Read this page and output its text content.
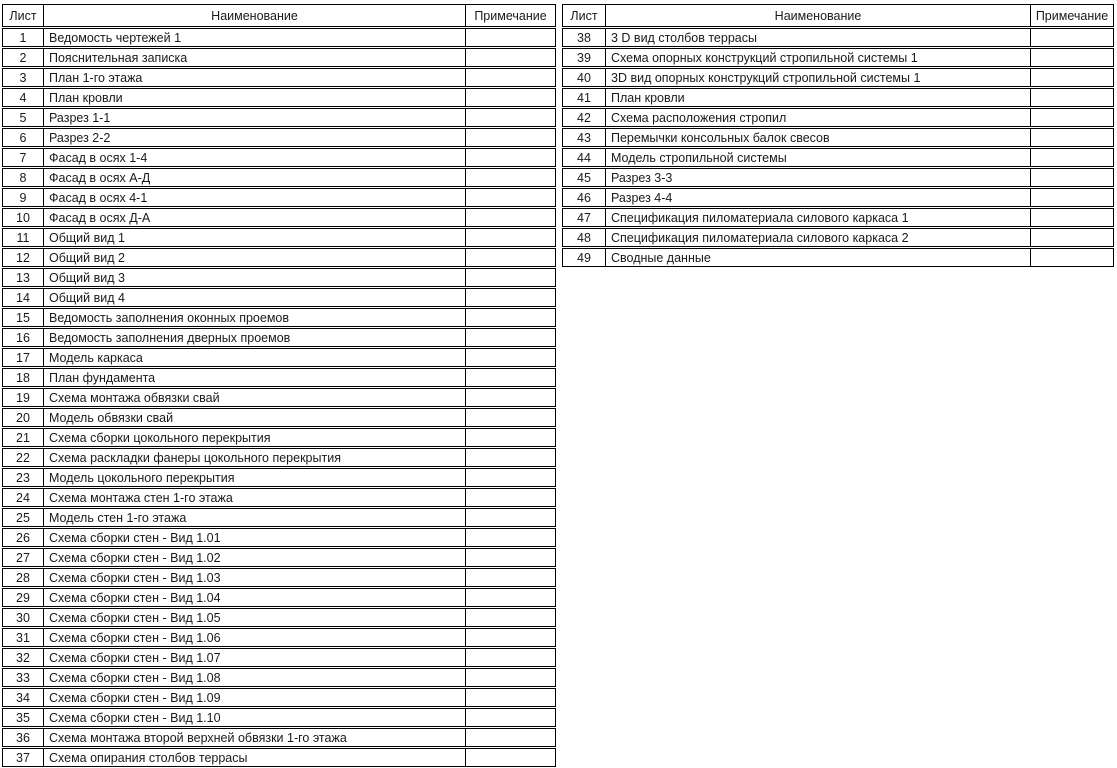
Лист	Наименование	Примечание
1	Ведомость чертежей 1
2	Пояснительная записка
3	План 1-го этажа
4	План кровли
5	Разрез 1-1
6	Разрез 2-2
7	Фасад в осях 1-4
8	Фасад в осях А-Д
9	Фасад в осях 4-1
10	Фасад в осях Д-А
11	Общий вид 1
12	Общий вид 2
13	Общий вид 3
14	Общий вид 4
15	Ведомость заполнения оконных проемов
16	Ведомость заполнения дверных проемов
17	Модель каркаса
18	План фундамента
19	Схема монтажа обвязки свай
20	Модель обвязки свай
21	Схема сборки цокольного перекрытия
22	Схема раскладки фанеры цокольного перекрытия
23	Модель цокольного перекрытия
24	Схема монтажа стен 1-го этажа
25	Модель стен 1-го этажа
26	Схема сборки стен - Вид 1.01
27	Схема сборки стен - Вид 1.02
28	Схема сборки стен - Вид 1.03
29	Схема сборки стен - Вид 1.04
30	Схема сборки стен - Вид 1.05
31	Схема сборки стен - Вид 1.06
32	Схема сборки стен - Вид 1.07
33	Схема сборки стен - Вид 1.08
34	Схема сборки стен - Вид 1.09
35	Схема сборки стен - Вид 1.10
36	Схема монтажа второй верхней обвязки 1-го этажа
37	Схема опирания столбов террасы
Лист	Наименование	Примечание
38	3 D вид столбов террасы
39	Схема опорных конструкций стропильной системы 1
40	3D вид опорных конструкций стропильной системы 1
41	План кровли
42	Схема расположения стропил
43	Перемычки консольных балок свесов
44	Модель стропильной системы
45	Разрез 3-3
46	Разрез 4-4
47	Спецификация пиломатериала силового каркаса 1
48	Спецификация пиломатериала силового каркаса 2
49	Сводные данные
